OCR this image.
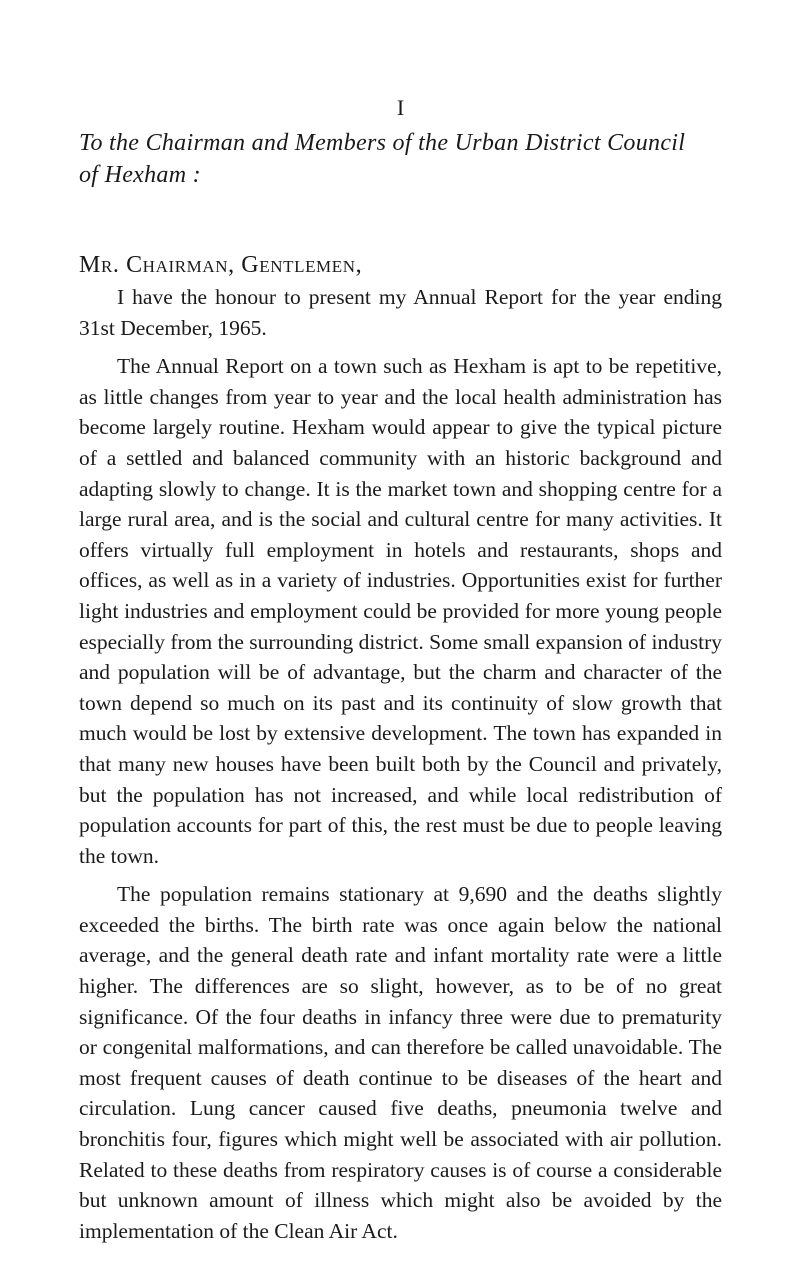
I
To the Chairman and Members of the Urban District Council
of Hexham :
Mr. Chairman, Gentlemen,

I have the honour to present my Annual Report for the year ending 31st December, 1965.

The Annual Report on a town such as Hexham is apt to be repetitive, as little changes from year to year and the local health administration has become largely routine. Hexham would appear to give the typical picture of a settled and balanced community with an historic background and adapting slowly to change. It is the market town and shopping centre for a large rural area, and is the social and cultural centre for many activities. It offers virtually full employment in hotels and restaurants, shops and offices, as well as in a variety of industries. Opportunities exist for further light industries and employment could be provided for more young people especially from the surrounding district. Some small expansion of industry and population will be of advantage, but the charm and character of the town depend so much on its past and its continuity of slow growth that much would be lost by extensive development. The town has expanded in that many new houses have been built both by the Council and privately, but the population has not increased, and while local redistribution of population accounts for part of this, the rest must be due to people leaving the town.

The population remains stationary at 9,690 and the deaths slightly exceeded the births. The birth rate was once again below the national average, and the general death rate and infant mortality rate were a little higher. The differences are so slight, however, as to be of no great significance. Of the four deaths in infancy three were due to prematurity or congenital malformations, and can therefore be called unavoidable. The most frequent causes of death continue to be diseases of the heart and circulation. Lung cancer caused five deaths, pneumonia twelve and bronchitis four, figures which might well be associated with air pollution. Related to these deaths from respiratory causes is of course a considerable but unknown amount of illness which might also be avoided by the implementation of the Clean Air Act.
